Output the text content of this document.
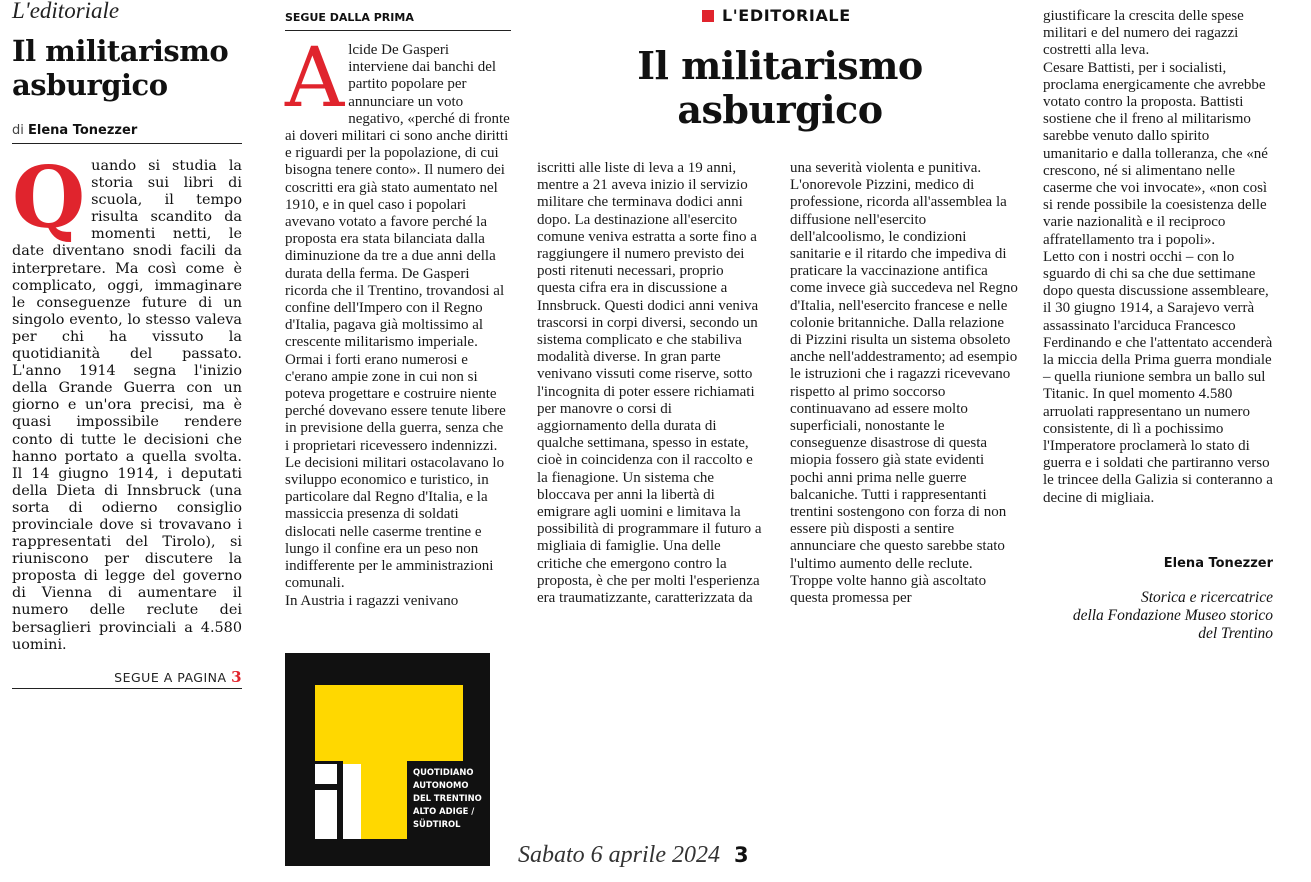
L'editoriale
Il militarismo asburgico
di Elena Tonezzer
Quando si studia la storia sui libri di scuola, il tempo risulta scandito da momenti netti, le date diventano snodi facili da interpretare. Ma così come è complicato, oggi, immaginare le conseguenze future di un singolo evento, lo stesso valeva per chi ha vissuto la quotidianità del passato. L'anno 1914 segna l'inizio della Grande Guerra con un giorno e un'ora precisi, ma è quasi impossibile rendere conto di tutte le decisioni che hanno portato a quella svolta. Il 14 giugno 1914, i deputati della Dieta di Innsbruck (una sorta di odierno consiglio provinciale dove si trovavano i rappresentati del Tirolo), si riuniscono per discutere la proposta di legge del governo di Vienna di aumentare il numero delle reclute dei bersaglieri provinciali a 4.580 uomini.
SEGUE A PAGINA 3
SEGUE DALLA PRIMA

Alcide De Gasperi interviene dai banchi del partito popolare per annunciare un voto negativo, «perché di fronte ai doveri militari ci sono anche diritti e riguardi per la popolazione, di cui bisogna tenere conto». Il numero dei coscritti era già stato aumentato nel 1910, e in quel caso i popolari avevano votato a favore perché la proposta era stata bilanciata dalla diminuzione da tre a due anni della durata della ferma. De Gasperi ricorda che il Trentino, trovandosi al confine dell'Impero con il Regno d'Italia, pagava già moltissimo al crescente militarismo imperiale. Ormai i forti erano numerosi e c'erano ampie zone in cui non si poteva progettare e costruire niente perché dovevano essere tenute libere in previsione della guerra, senza che i proprietari ricevessero indennizzi. Le decisioni militari ostacolavano lo sviluppo economico e turistico, in particolare dal Regno d'Italia, e la massiccia presenza di soldati dislocati nelle caserme trentine e lungo il confine era un peso non indifferente per le amministrazioni comunali.

In Austria i ragazzi venivano

QUOTIDIANO
AUTONOMO
DEL TRENTINO
ALTO ADIGE /
SÜDTIROL
L'EDITORIALE
Il militarismo
asburgico

iscritti alle liste di leva a 19 anni, mentre a 21 aveva inizio il servizio militare che terminava dodici anni dopo. La destinazione all'esercito comune veniva estratta a sorte fino a raggiungere il numero previsto dei posti ritenuti necessari, proprio questa cifra era in discussione a Innsbruck. Questi dodici anni veniva trascorsi in corpi diversi, secondo un sistema complicato e che stabiliva modalità diverse. In gran parte venivano vissuti come riserve, sotto l'incognita di poter essere richiamati per manovre o corsi di aggiornamento della durata di qualche settimana, spesso in estate, cioè in coincidenza con il raccolto e la fienagione. Un sistema che bloccava per anni la libertà di emigrare agli uomini e limitava la possibilità di programmare il futuro a migliaia di famiglie. Una delle critiche che emergono contro la proposta, è che per molti l'esperienza era traumatizzante, caratterizzata da

una severità violenta e punitiva. L'onorevole Pizzini, medico di professione, ricorda all'assemblea la diffusione nell'esercito dell'alcoolismo, le condizioni sanitarie e il ritardo che impediva di praticare la vaccinazione antifica come invece già succedeva nel Regno d'Italia, nell'esercito francese e nelle colonie britanniche. Dalla relazione di Pizzini risulta un sistema obsoleto anche nell'addestramento; ad esempio le istruzioni che i ragazzi ricevevano rispetto al primo soccorso continuavano ad essere molto superficiali, nonostante le conseguenze disastrose di questa miopia fossero già state evidenti pochi anni prima nelle guerre balcaniche. Tutti i rappresentanti trentini sostengono con forza di non essere più disposti a sentire annunciare che questo sarebbe stato l'ultimo aumento delle reclute. Troppe volte hanno già ascoltato questa promessa per

giustificare la crescita delle spese militari e del numero dei ragazzi costretti alla leva.

Cesare Battisti, per i socialisti, proclama energicamente che avrebbe votato contro la proposta. Battisti sostiene che il freno al militarismo sarebbe venuto dallo spirito umanitario e dalla tolleranza, che «né crescono, né si alimentano nelle caserme che voi invocate», «non così si rende possibile la coesistenza delle varie nazionalità e il reciproco affratellamento tra i popoli».

Letto con i nostri occhi – con lo sguardo di chi sa che due settimane dopo questa discussione assembleare, il 30 giugno 1914, a Sarajevo verrà assassinato l'arciduca Francesco Ferdinando e che l'attentato accenderà la miccia della Prima guerra mondiale – quella riunione sembra un ballo sul Titanic. In quel momento 4.580 arruolati rappresentano un numero consistente, di lì a pochissimo l'Imperatore proclamerà lo stato di guerra e i soldati che partiranno verso le trincee della Galizia si conteranno a decine di migliaia.

Elena Tonezzer
Storica e ricercatrice
della Fondazione Museo storico
del Trentino
Sabato 6 aprile 2024 3
